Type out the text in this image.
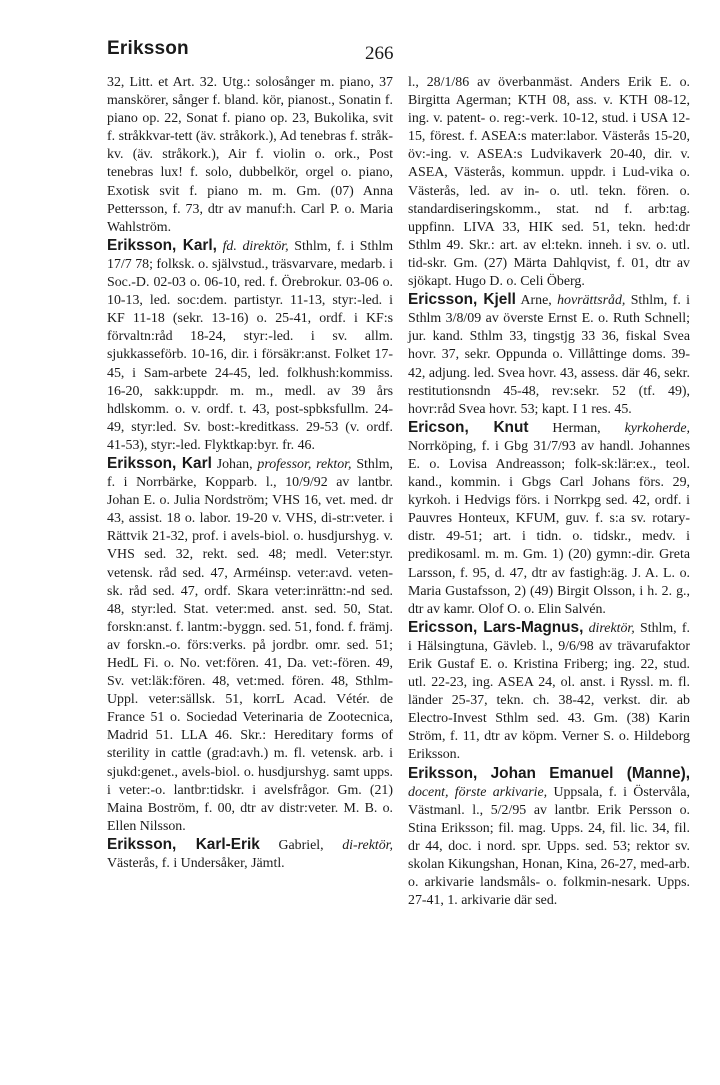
Eriksson	266

32, Litt. et Art. 32. Utg.: solosånger m. piano, 37 manskörer, sånger f. bland. kör, pianost., Sonatin f. piano op. 22, Sonat f. piano op. 23, Bukolika, svit f. stråkkvar-tett (äv. stråkork.), Ad tenebras f. stråk-kv. (äv. stråkork.), Air f. violin o. ork., Post tenebras lux! f. solo, dubbelkör, orgel o. piano, Exotisk svit f. piano m. m. Gm. (07) Anna Pettersson, f. 73, dtr av manuf:h. Carl P. o. Maria Wahlström.

Eriksson, Karl, fd. direktör, Sthlm, f. i Sthlm 17/7 78; folksk. o. självstud., träsvarvare, medarb. i Soc.-D. 02-03 o. 06-10, red. f. Örebrokur. 03-06 o. 10-13, led. soc:dem. partistyr. 11-13, styr:-led. i KF 11-18 (sekr. 13-16) o. 25-41, ordf. i KF:s förvaltn:råd 18-24, styr:-led. i sv. allm. sjukkasseförb. 10-16, dir. i försäkr:anst. Folket 17-45, i Sam-arbete 24-45, led. folkhush:kommiss. 16-20, sakk:uppdr. m. m., medl. av 39 års hdlskomm. o. v. ordf. t. 43, post-spbksfullm. 24-49, styr:led. Sv. bost:-kreditkass. 29-53 (v. ordf. 41-53), styr:-led. Flyktkap:byr. fr. 46.

Eriksson, Karl Johan, professor, rektor, Sthlm, f. i Norrbärke, Kopparb. l., 10/9/92 av lantbr. Johan E. o. Julia Nordström; VHS 16, vet. med. dr 43, assist. 18 o. labor. 19-20 v. VHS, di-str:veter. i Rättvik 21-32, prof. i avels-biol. o. husdjurshyg. v. VHS sed. 32, rekt. sed. 48; medl. Veter:styr. vetensk. råd sed. 47, Arméinsp. veter:avd. veten-sk. råd sed. 47, ordf. Skara veter:inrättn:-nd sed. 48, styr:led. Stat. veter:med. anst. sed. 50, Stat. forskn:anst. f. lantm:-byggn. sed. 51, fond. f. främj. av forskn.-o. förs:verks. på jordbr. omr. sed. 51; HedL Fi. o. No. vet:fören. 41, Da. vet:-fören. 49, Sv. vet:läk:fören. 48, vet:med. fören. 48, Sthlm-Uppl. veter:sällsk. 51, korrL Acad. Vétér. de France 51 o. Sociedad Veterinaria de Zootecnica, Madrid 51. LLA 46. Skr.: Hereditary forms of sterility in cattle (grad:avh.) m. fl. vetensk. arb. i sjukd:genet., avels-biol. o. husdjurshyg. samt upps. i veter:-o. lantbr:tidskr. i avelsfrågor. Gm. (21) Maina Boström, f. 00, dtr av distr:veter. M. B. o. Ellen Nilsson.

Eriksson, Karl-Erik Gabriel, di-rektör, Västerås, f. i Undersåker, Jämtl.

l., 28/1/86 av överbanmäst. Anders Erik E. o. Birgitta Agerman; KTH 08, ass. v. KTH 08-12, ing. v. patent- o. reg:-verk. 10-12, stud. i USA 12-15, förest. f. ASEA:s mater:labor. Västerås 15-20, öv:-ing. v. ASEA:s Ludvikaverk 20-40, dir. v. ASEA, Västerås, kommun. uppdr. i Lud-vika o. Västerås, led. av in- o. utl. tekn. fören. o. standardiseringskomm., stat. nd f. arb:tag. uppfinn. LIVA 33, HIK sed. 51, tekn. hed:dr Sthlm 49. Skr.: art. av el:tekn. inneh. i sv. o. utl. tid-skr. Gm. (27) Märta Dahlqvist, f. 01, dtr av sjökapt. Hugo D. o. Celi Öberg.

Ericsson, Kjell Arne, hovrättsråd, Sthlm, f. i Sthlm 3/8/09 av överste Ernst E. o. Ruth Schnell; jur. kand. Sthlm 33, tingstjg 33 36, fiskal Svea hovr. 37, sekr. Oppunda o. Villåttinge doms. 39-42, adjung. led. Svea hovr. 43, assess. där 46, sekr. restitutionsndn 45-48, rev:sekr. 52 (tf. 49), hovr:råd Svea hovr. 53; kapt. I 1 res. 45.

Ericson, Knut Herman, kyrkoherde, Norrköping, f. i Gbg 31/7/93 av handl. Johannes E. o. Lovisa Andreasson; folk-sk:lär:ex., teol. kand., kommin. i Gbgs Carl Johans förs. 29, kyrkoh. i Hedvigs förs. i Norrkpg sed. 42, ordf. i Pauvres Honteux, KFUM, guv. f. s:a sv. rotary-distr. 49-51; art. i tidn. o. tidskr., medv. i predikosaml. m. m. Gm. 1) (20) gymn:-dir. Greta Larsson, f. 95, d. 47, dtr av fastigh:äg. J. A. L. o. Maria Gustafsson, 2) (49) Birgit Olsson, i h. 2. g., dtr av kamr. Olof O. o. Elin Salvén.

Ericsson, Lars-Magnus, direktör, Sthlm, f. i Hälsingtuna, Gävleb. l., 9/6/98 av trävarufaktor Erik Gustaf E. o. Kristina Friberg; ing. 22, stud. utl. 22-23, ing. ASEA 24, ol. anst. i Ryssl. m. fl. länder 25-37, tekn. ch. 38-42, verkst. dir. ab Electro-Invest Sthlm sed. 43. Gm. (38) Karin Ström, f. 11, dtr av köpm. Verner S. o. Hildeborg Eriksson.

Eriksson, Johan Emanuel (Manne), docent, förste arkivarie, Uppsala, f. i Östervåla, Västmanl. l., 5/2/95 av lantbr. Erik Persson o. Stina Eriksson; fil. mag. Upps. 24, fil. lic. 34, fil. dr 44, doc. i nord. spr. Upps. sed. 53; rektor sv. skolan Kikungshan, Honan, Kina, 26-27, med-arb. o. arkivarie landsmåls- o. folkmin-nesark. Upps. 27-41, 1. arkivarie där sed.
